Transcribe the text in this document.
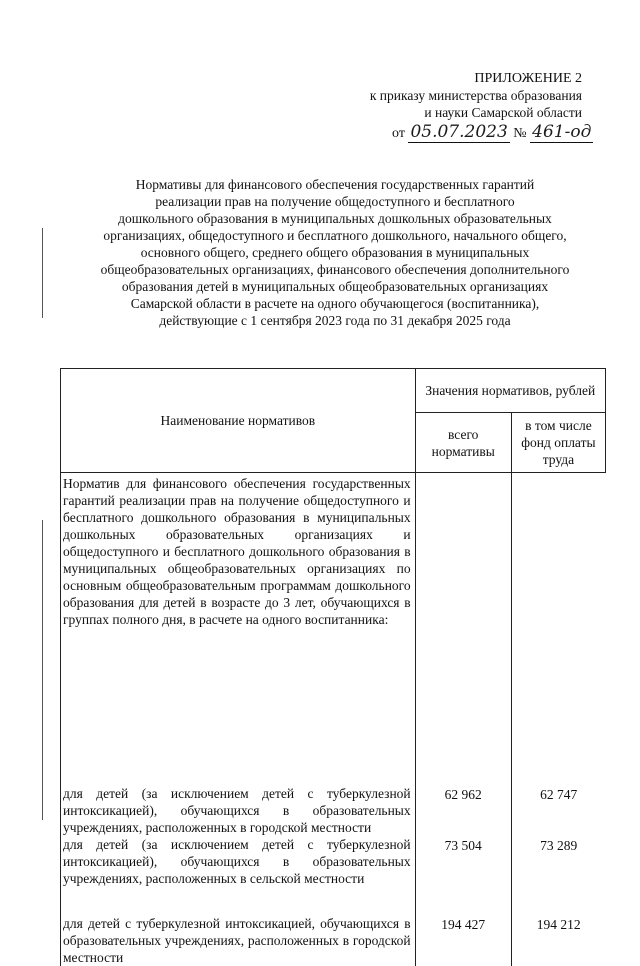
ПРИЛОЖЕНИЕ 2
к приказу министерства образования
и науки Самарской области
от 05.07.2023 № 461-од
Нормативы для финансового обеспечения государственных гарантий
реализации прав на получение общедоступного и бесплатного
дошкольного образования в муниципальных дошкольных образовательных
организациях, общедоступного и бесплатного дошкольного, начального общего,
основного общего, среднего общего образования в муниципальных
общеобразовательных организациях, финансового обеспечения дополнительного
образования детей в муниципальных общеобразовательных организациях
Самарской области в расчете на одного обучающегося (воспитанника),
действующие с 1 сентября 2023 года по 31 декабря 2025 года
Наименование нормативов	Значения нормативов, рублей	
	всего нормативы	в том числе фонд оплаты труда
Норматив для финансового обеспечения государственных гарантий реализации прав на получение общедоступного и бесплатного дошкольного образования в муниципальных дошкольных образовательных организациях и общедоступного и бесплатного дошкольного образования в муниципальных общеобразовательных организациях по основным общеобразовательным программам дошкольного образования для детей в возрасте до 3 лет, обучающихся в группах полного дня, в расчете на одного воспитанника:		
для детей (за исключением детей с туберкулезной интоксикацией), обучающихся в образовательных учреждениях, расположенных в городской местности	62 962	62 747
для детей (за исключением детей с туберкулезной интоксикацией), обучающихся в образовательных учреждениях, расположенных в сельской местности	73 504	73 289

для детей с туберкулезной интоксикацией, обучающихся в образовательных учреждениях, расположенных в городской местности	194 427	194 212
